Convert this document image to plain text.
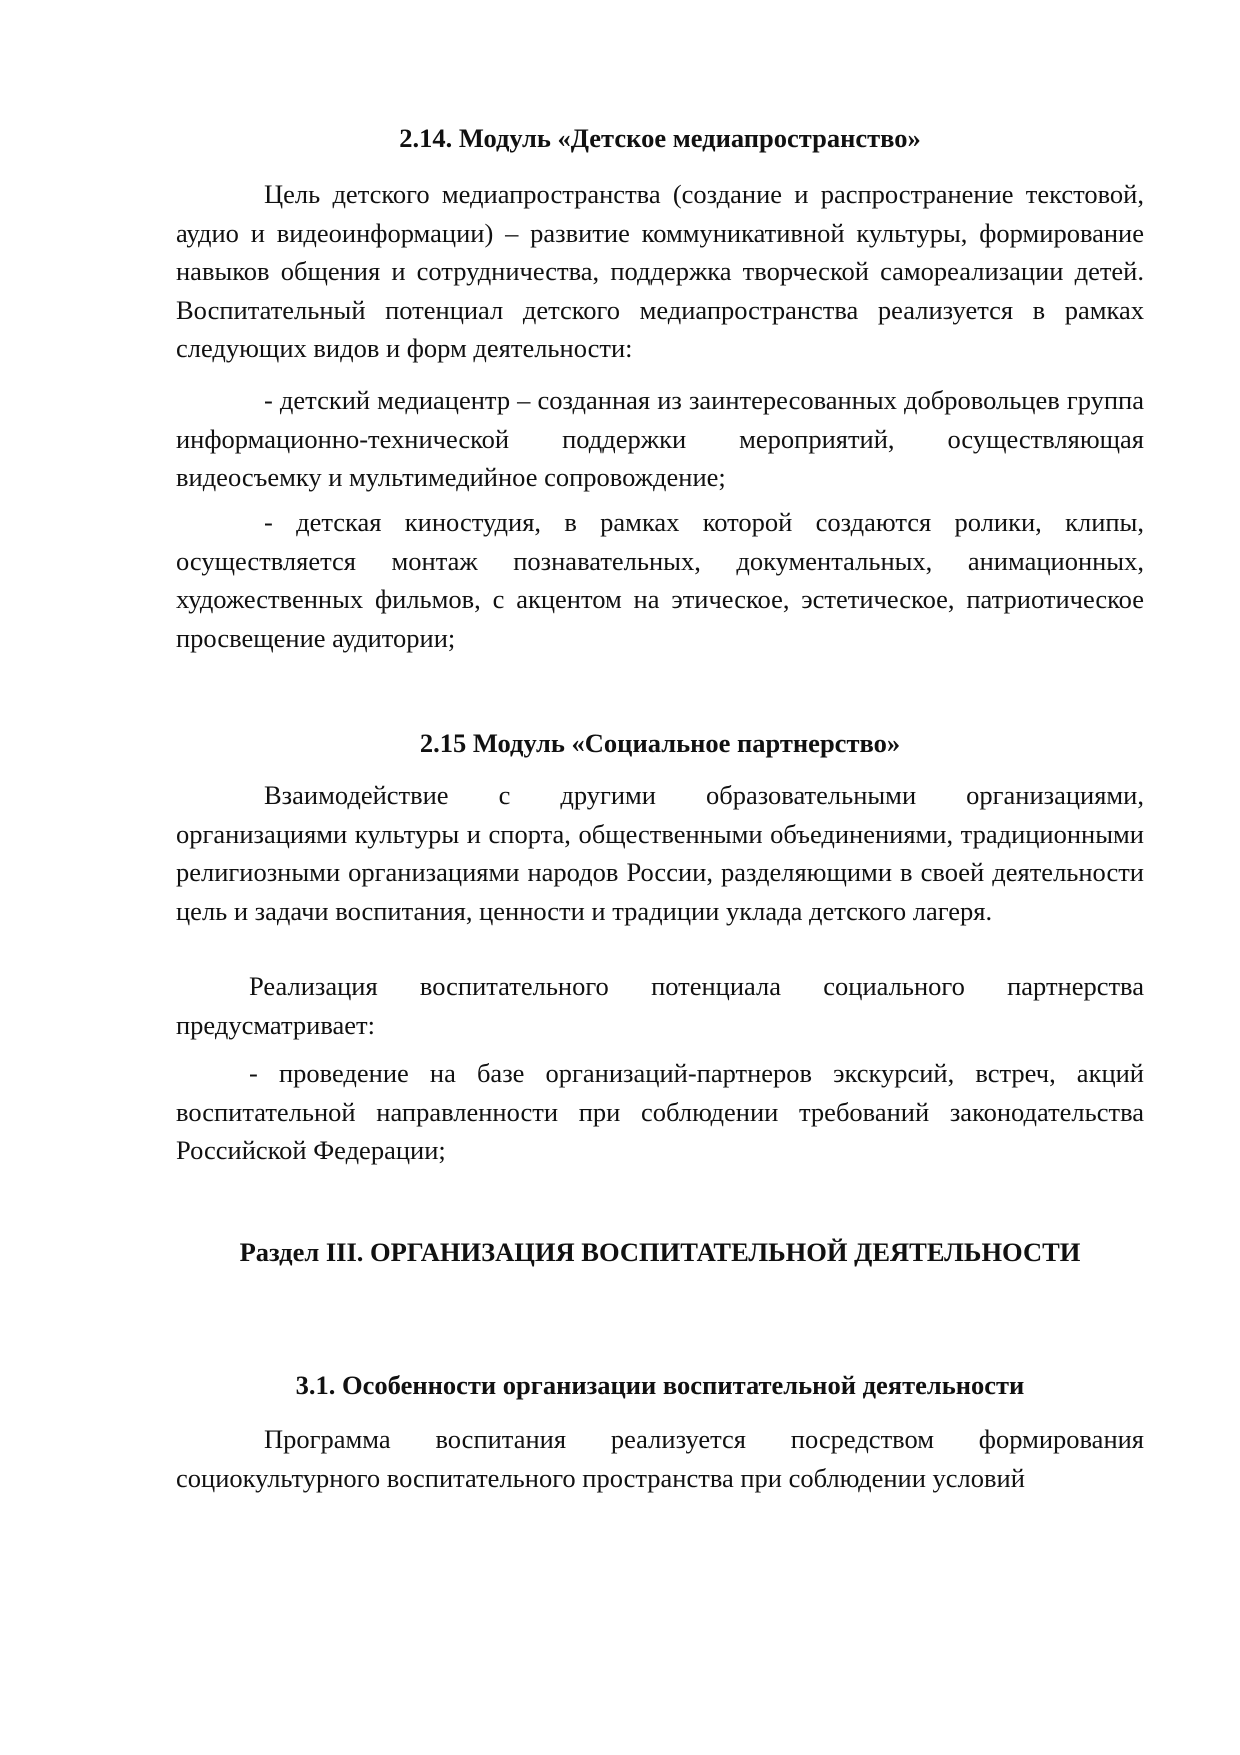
2.14. Модуль «Детское медиапространство»

Цель детского медиапространства (создание и распространение текстовой, аудио и видеоинформации) – развитие коммуникативной культуры, формирование навыков общения и сотрудничества, поддержка творческой самореализации детей. Воспитательный потенциал детского медиапространства реализуется в рамках следующих видов и форм деятельности:

- детский медиацентр – созданная из заинтересованных добровольцев группа информационно-технической поддержки мероприятий, осуществляющая видеосъемку и мультимедийное сопровождение;

- детская киностудия, в рамках которой создаются ролики, клипы, осуществляется монтаж познавательных, документальных, анимационных, художественных фильмов, с акцентом на этическое, эстетическое, патриотическое просвещение аудитории;

2.15 Модуль «Социальное партнерство»

Взаимодействие с другими образовательными организациями, организациями культуры и спорта, общественными объединениями, традиционными религиозными организациями народов России, разделяющими в своей деятельности цель и задачи воспитания, ценности и традиции уклада детского лагеря.

Реализация воспитательного потенциала социального партнерства предусматривает:

- проведение на базе организаций-партнеров экскурсий, встреч, акций воспитательной направленности при соблюдении требований законодательства Российской Федерации;

Раздел III. ОРГАНИЗАЦИЯ ВОСПИТАТЕЛЬНОЙ ДЕЯТЕЛЬНОСТИ
3.1. Особенности организации воспитательной деятельности

Программа воспитания реализуется посредством формирования социокультурного воспитательного пространства при соблюдении условий
